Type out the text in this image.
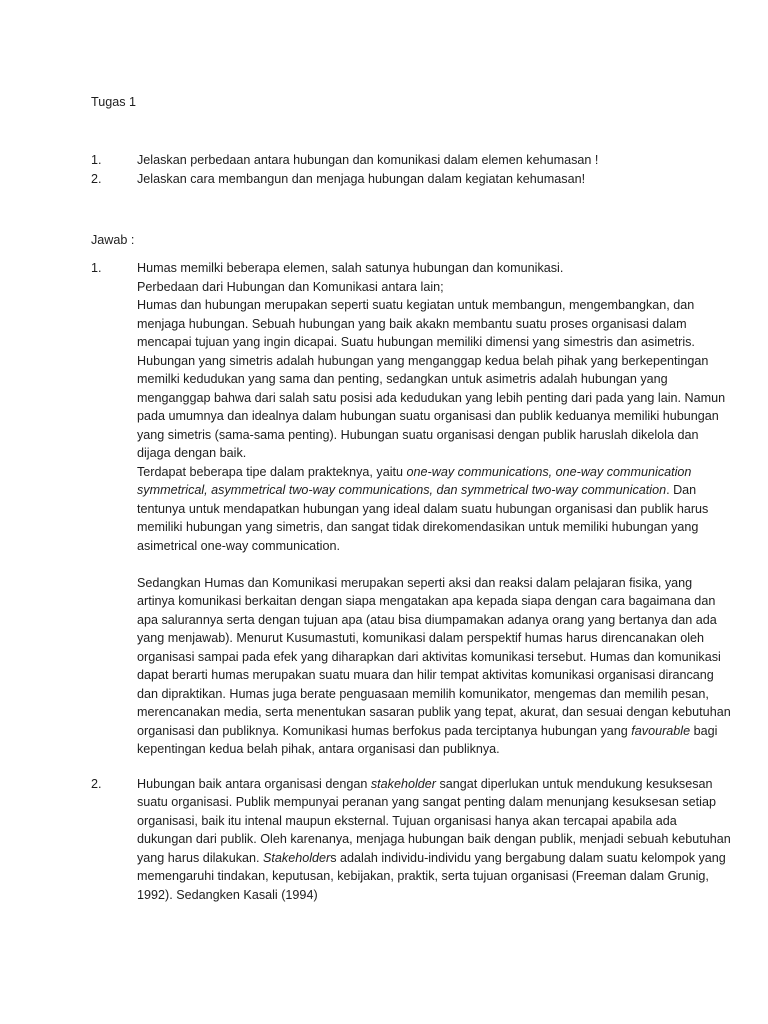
Tugas 1
1.	Jelaskan perbedaan antara hubungan dan komunikasi dalam elemen kehumasan !
2.	Jelaskan cara membangun dan menjaga hubungan dalam kegiatan kehumasan!
Jawab :
1.	Humas memilki beberapa elemen, salah satunya hubungan dan komunikasi.

Perbedaan dari Hubungan dan Komunikasi antara lain;

Humas dan hubungan merupakan seperti suatu kegiatan untuk membangun, mengembangkan, dan menjaga hubungan. Sebuah hubungan yang baik akakn membantu suatu proses organisasi dalam mencapai tujuan yang ingin dicapai. Suatu hubungan memiliki dimensi yang simestris dan asimetris. Hubungan yang simetris adalah hubungan yang menganggap kedua belah pihak yang berkepentingan memilki kedudukan yang sama dan penting, sedangkan untuk asimetris adalah hubungan yang menganggap bahwa dari salah satu posisi ada kedudukan yang lebih penting dari pada yang lain. Namun pada umumnya dan idealnya dalam hubungan suatu organisasi dan publik keduanya memiliki hubungan yang simetris (sama-sama penting). Hubungan suatu organisasi dengan publik haruslah dikelola dan dijaga dengan baik.

Terdapat beberapa tipe dalam prakteknya, yaitu one-way communications, one-way communication symmetrical, asymmetrical two-way communications, dan symmetrical two-way communication. Dan tentunya untuk mendapatkan hubungan yang ideal dalam suatu hubungan organisasi dan publik harus memiliki hubungan yang simetris, dan sangat tidak direkomendasikan untuk memiliki hubungan yang asimetrical one-way communication.

Sedangkan Humas dan Komunikasi merupakan seperti aksi dan reaksi dalam pelajaran fisika, yang artinya komunikasi berkaitan dengan siapa mengatakan apa kepada siapa dengan cara bagaimana dan apa salurannya serta dengan tujuan apa (atau bisa diumpamakan adanya orang yang bertanya dan ada yang menjawab). Menurut Kusumastuti, komunikasi dalam perspektif humas harus direncanakan oleh organisasi sampai pada efek yang diharapkan dari aktivitas komunikasi tersebut. Humas dan komunikasi dapat berarti humas merupakan suatu muara dan hilir tempat aktivitas komunikasi organisasi dirancang dan dipraktikan. Humas juga berate penguasaan memilih komunikator, mengemas dan memilih pesan, merencanakan media, serta menentukan sasaran publik yang tepat, akurat, dan sesuai dengan kebutuhan organisasi dan publiknya. Komunikasi humas berfokus pada terciptanya hubungan yang favourable bagi kepentingan kedua belah pihak, antara organisasi dan publiknya.

2.	Hubungan baik antara organisasi dengan stakeholder sangat diperlukan untuk mendukung kesuksesan suatu organisasi. Publik mempunyai peranan yang sangat penting dalam menunjang kesuksesan setiap organisasi, baik itu intenal maupun eksternal. Tujuan organisasi hanya akan tercapai apabila ada dukungan dari publik. Oleh karenanya, menjaga hubungan baik dengan publik, menjadi sebuah kebutuhan yang harus dilakukan. Stakeholders adalah individu-individu yang bergabung dalam suatu kelompok yang memengaruhi tindakan, keputusan, kebijakan, praktik, serta tujuan organisasi (Freeman dalam Grunig, 1992). Sedangken Kasali (1994)
